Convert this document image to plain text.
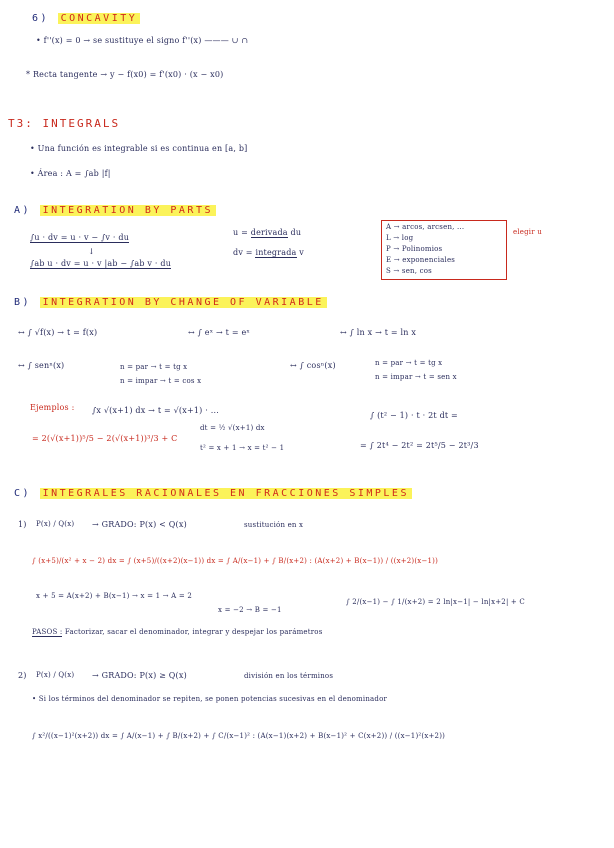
6) CONCAVITY
• f''(x) = 0 → se sustituye el signo f''(x) ——— ∪ ∩
* Recta tangente → y − f(x0) = f'(x0) · (x − x0)
T3: INTEGRALS
• Una función es integrable si es continua en [a, b]
• Área : A = ∫ab |f|
A) INTEGRATION BY PARTS
∫u · dv = u · v − ∫v · du
↓
∫ab u · dv = u · v |ab − ∫ab v · du
u = derivada du
dv = integrada v
A → arcos, arcsen, ...
L → log
P → Polinomios
E → exponenciales
S → sen, cos
elegir u
B) INTEGRATION BY CHANGE OF VARIABLE
↔ ∫ √f(x) → t = f(x)	↔ ∫ eˣ → t = eˣ	↔ ∫ ln x → t = ln x
↔ ∫ senⁿ(x)	n = par → t = tg x
n = impar → t = cos x
↔ ∫ cosⁿ(x)	n = par → t = tg x
n = impar → t = sen x
Ejemplos : ∫x √(x+1) dx → t = √(x+1) · ...
dt = ½ √(x+1) dx
t² = x + 1 → x = t² − 1
= 2(√(x+1))⁵/5 − 2(√(x+1))³/3 + C
∫ (t² − 1) · t · 2t dt =
= ∫ 2t⁴ − 2t² = 2t⁵/5 − 2t³/3
C) INTEGRALES RACIONALES EN FRACCIONES SIMPLES
1) P(x) / Q(x) → GRADO: P(x) < Q(x)	sustitución en x
∫ (x+5)/(x² + x − 2) dx = ∫ (x+5)/((x+2)(x−1)) dx = ∫ A/(x−1) + ∫ B/(x+2) : (A(x+2) + B(x−1)) / ((x+2)(x−1))
x + 5 = A(x+2) + B(x−1) → x = 1 → A = 2
x = −2 → B = −1
∫ 2/(x−1) − ∫ 1/(x+2) = 2 ln|x−1| − ln|x+2| + C
PASOS : Factorizar, sacar el denominador, integrar y despejar los parámetros
2) P(x) / Q(x) → GRADO: P(x) ≥ Q(x)	división en los términos
• Si los términos del denominador se repiten, se ponen potencias sucesivas en el denominador
∫ x²/((x−1)²(x+2)) dx = ∫ A/(x−1) + ∫ B/(x+2) + ∫ C/(x−1)² : (A(x−1)(x+2) + B(x−1)² + C(x+2)) / ((x−1)²(x+2))
